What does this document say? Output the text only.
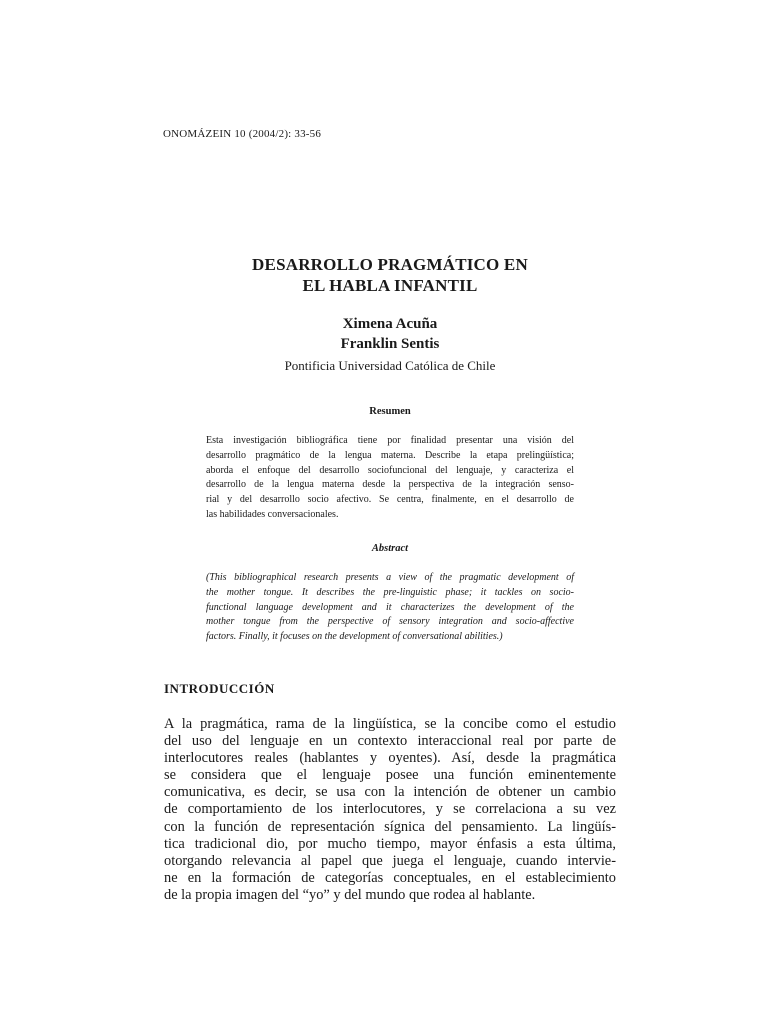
ONOMÁZEIN 10 (2004/2): 33-56
DESARROLLO PRAGMÁTICO EN
EL HABLA INFANTIL
Ximena Acuña
Franklin Sentis
Pontificia Universidad Católica de Chile
Resumen
Esta investigación bibliográfica tiene por finalidad presentar una visión del
desarrollo pragmático de la lengua materna. Describe la etapa prelingüística;
aborda el enfoque del desarrollo sociofuncional del lenguaje, y caracteriza el
desarrollo de la lengua materna desde la perspectiva de la integración senso-
rial y del desarrollo socio afectivo. Se centra, finalmente, en el desarrollo de
las habilidades conversacionales.
Abstract
(This bibliographical research presents a view of the pragmatic development of
the mother tongue. It describes the pre-linguistic phase; it tackles on socio-
functional language development and it characterizes the development of the
mother tongue from the perspective of sensory integration and socio-affective
factors. Finally, it focuses on the development of conversational abilities.)
INTRODUCCIÓN
A la pragmática, rama de la lingüística, se la concibe como el estudio
del uso del lenguaje en un contexto interaccional real por parte de
interlocutores reales (hablantes y oyentes). Así, desde la pragmática
se considera que el lenguaje posee una función eminentemente
comunicativa, es decir, se usa con la intención de obtener un cambio
de comportamiento de los interlocutores, y se correlaciona a su vez
con la función de representación sígnica del pensamiento. La lingüís-
tica tradicional dio, por mucho tiempo, mayor énfasis a esta última,
otorgando relevancia al papel que juega el lenguaje, cuando intervie-
ne en la formación de categorías conceptuales, en el establecimiento
de la propia imagen del “yo” y del mundo que rodea al hablante.
